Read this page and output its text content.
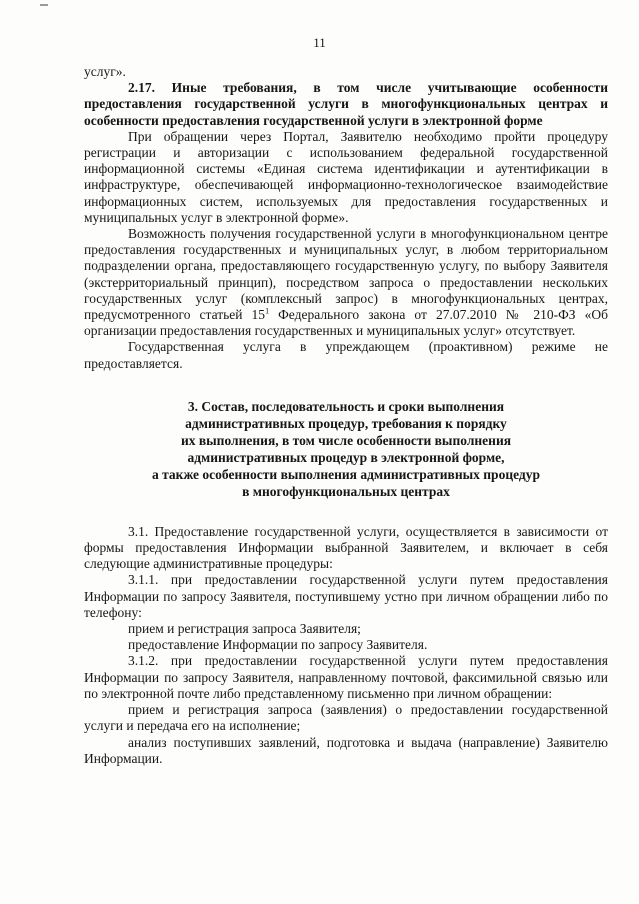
11

услуг».

2.17. Иные требования, в том числе учитывающие особенности предоставления государственной услуги в многофункциональных центрах и особенности предоставления государственной услуги в электронной форме

При обращении через Портал, Заявителю необходимо пройти процедуру регистрации и авторизации с использованием федеральной государственной информационной системы «Единая система идентификации и аутентификации в инфраструктуре, обеспечивающей информационно-технологическое взаимодействие информационных систем, используемых для предоставления государственных и муниципальных услуг в электронной форме».

Возможность получения государственной услуги в многофункциональном центре предоставления государственных и муниципальных услуг, в любом территориальном подразделении органа, предоставляющего государственную услугу, по выбору Заявителя (экстерриториальный принцип), посредством запроса о предоставлении нескольких государственных услуг (комплексный запрос) в многофункциональных центрах, предусмотренного статьей $15^1$ Федерального закона от 27.07.2010 № 210-ФЗ «Об организации предоставления государственных и муниципальных услуг» отсутствует.

Государственная услуга в упреждающем (проактивном) режиме не предоставляется.

3. Состав, последовательность и сроки выполнения
административных процедур, требования к порядку
их выполнения, в том числе особенности выполнения
административных процедур в электронной форме,
а также особенности выполнения административных процедур
в многофункциональных центрах

3.1. Предоставление государственной услуги, осуществляется в зависимости от формы предоставления Информации выбранной Заявителем, и включает в себя следующие административные процедуры:

3.1.1. при предоставлении государственной услуги путем предоставления Информации по запросу Заявителя, поступившему устно при личном обращении либо по телефону:

прием и регистрация запроса Заявителя;

предоставление Информации по запросу Заявителя.

3.1.2. при предоставлении государственной услуги путем предоставления Информации по запросу Заявителя, направленному почтовой, факсимильной связью или по электронной почте либо представленному письменно при личном обращении:

прием и регистрация запроса (заявления) о предоставлении государственной услуги и передача его на исполнение;

анализ поступивших заявлений, подготовка и выдача (направление) Заявителю Информации.
